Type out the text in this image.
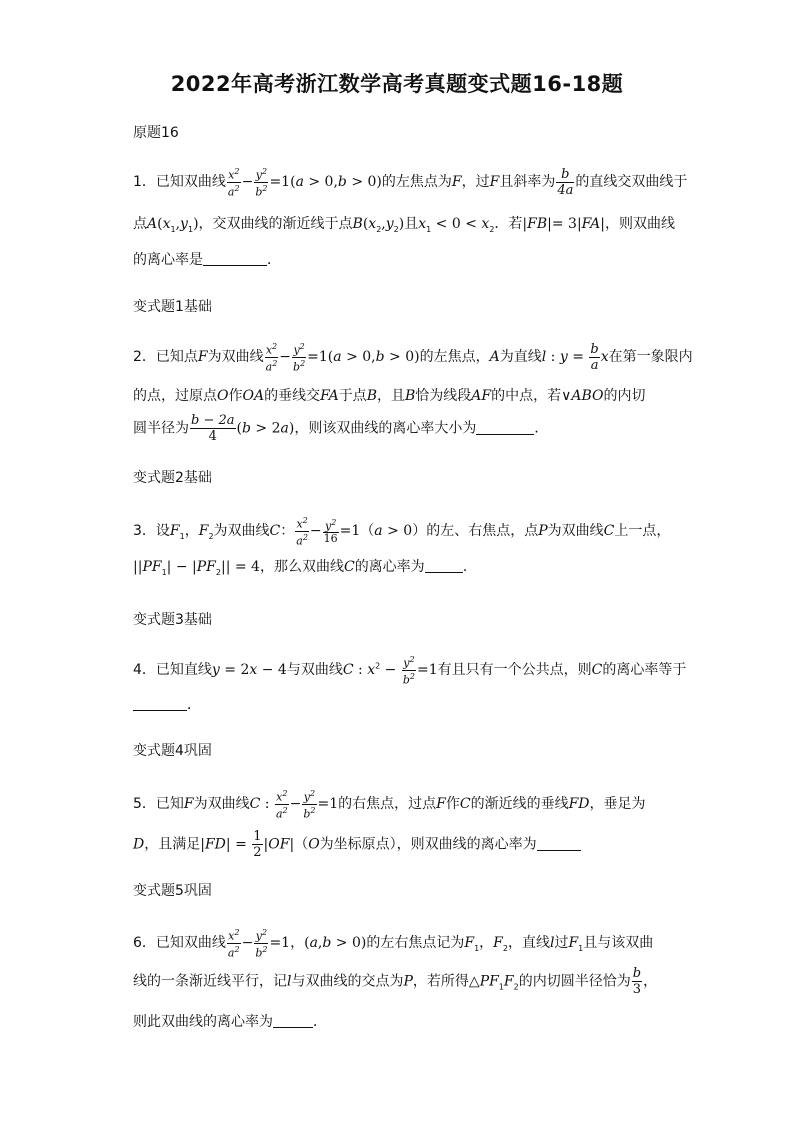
2022年高考浙江数学高考真题变式题16-18题
原题16
1．已知双曲线 $\frac{x^2}{a^2} - \frac{y^2}{b^2} =1(a > 0,b > 0)$的左焦点为F，过F且斜率为 $\frac{b}{4a}$ 的直线交双曲线于
点$A(x_1,y_1)$，交双曲线的渐近线于点$B(x_2,y_2)$且$x_1 < 0 < x_2$．若|FB|= 3|FA|，则双曲线
的离心率是	．
变式题1基础
2．已知点F为双曲线 $\frac{x^2}{a^2} - \frac{y^2}{b^2} =1(a > 0,b > 0)$的左焦点，A为直线l : $y = \frac{b}{a}$ x在第一象限内
的点，过原点O作OA的垂线交FA于点B，且B恰为线段AF的中点，若∨ABO的内切
圆半径为 $\frac{b - 2a}{4} (b > 2a)$，则该双曲线的离心率大小为	．
变式题2基础
3．设$F_1$，$F_2$为双曲线C： $\frac{x^2}{a^2} - \frac{y^2}{16} =1(a > 0)$的左、右焦点，点P为双曲线C上一点，
$||PF_1| - |PF_2|| = 4$，那么双曲线C的离心率为	.
变式题3基础
4．已知直线y = 2x − 4与双曲线C : $x^2 - \frac{y^2}{b^2} =1$有且只有一个公共点，则C的离心率等于
．
变式题4巩固
5．已知F为双曲线C : $\frac{x^2}{a^2} - \frac{y^2}{b^2} =1$的右焦点，过点F作C的渐近线的垂线FD，垂足为
D，且满足$|FD| = \frac{1}{2} |OF|(O$为坐标原点），则双曲线的离心率为
变式题5巩固
6．已知双曲线 $\frac{x^2}{a^2} - \frac{y^2}{b^2} =1$，(a,b > 0)的左右焦点记为$F_1$，$F_2$，直线l过$F_1$且与该双曲
线的一条渐近线平行，记l与双曲线的交点为P，若所得$\triangle PF_1F_2$的内切圆半径恰为 $\frac{b}{3}$ ，
则此双曲线的离心率为	．
